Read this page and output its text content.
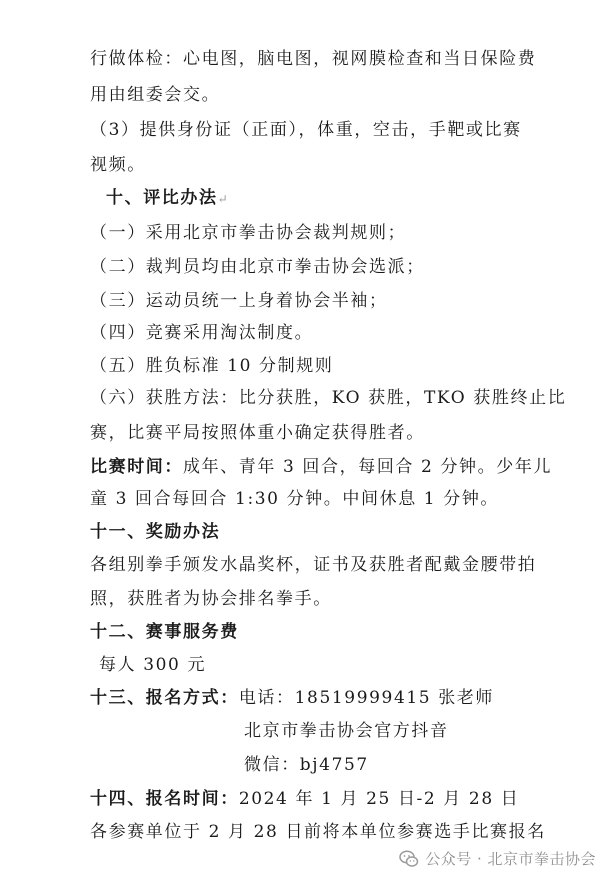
行做体检：心电图，脑电图，视网膜检查和当日保险费
用由组委会交。
（3）提供身份证（正面），体重，空击，手靶或比赛
视频。
十、评比办法↵
（一）采用北京市拳击协会裁判规则；
（二）裁判员均由北京市拳击协会选派；
（三）运动员统一上身着协会半袖；
（四）竞赛采用淘汰制度。
（五）胜负标准 10 分制规则
（六）获胜方法：比分获胜，KO 获胜，TKO 获胜终止比
赛，比赛平局按照体重小确定获得胜者。
比赛时间：成年、青年 3 回合，每回合 2 分钟。少年儿
童 3 回合每回合 1:30 分钟。中间休息 1 分钟。
十一、奖励办法
各组别拳手颁发水晶奖杯，证书及获胜者配戴金腰带拍
照，获胜者为协会排名拳手。
十二、赛事服务费
每人 300 元
十三、报名方式：电话：18519999415 张老师
北京市拳击协会官方抖音
微信：bj4757
十四、报名时间：2024 年 1 月 25 日-2 月 28 日
各参赛单位于 2 月 28 日前将本单位参赛选手比赛报名
公众号 · 北京市拳击协会
